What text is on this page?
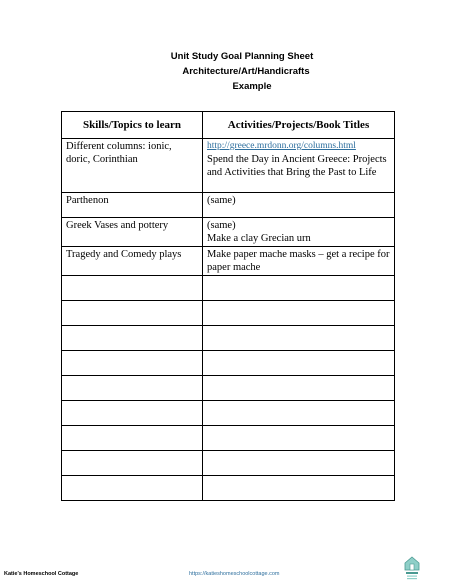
Unit Study Goal Planning Sheet
Architecture/Art/Handicrafts
Example
Skills/Topics to learn	Activities/Projects/Book Titles
Different columns: ionic, doric, Corinthian	http://greece.mrdonn.org/columns.html
Spend the Day in Ancient Greece: Projects and Activities that Bring the Past to Life
Parthenon	(same)
Greek Vases and pottery	(same)
Make a clay Grecian urn

Tragedy and Comedy plays	Make paper mache masks – get a recipe for paper mache

Katie's Homeschool Cottage	https://katieshomeschoolcottage.com
